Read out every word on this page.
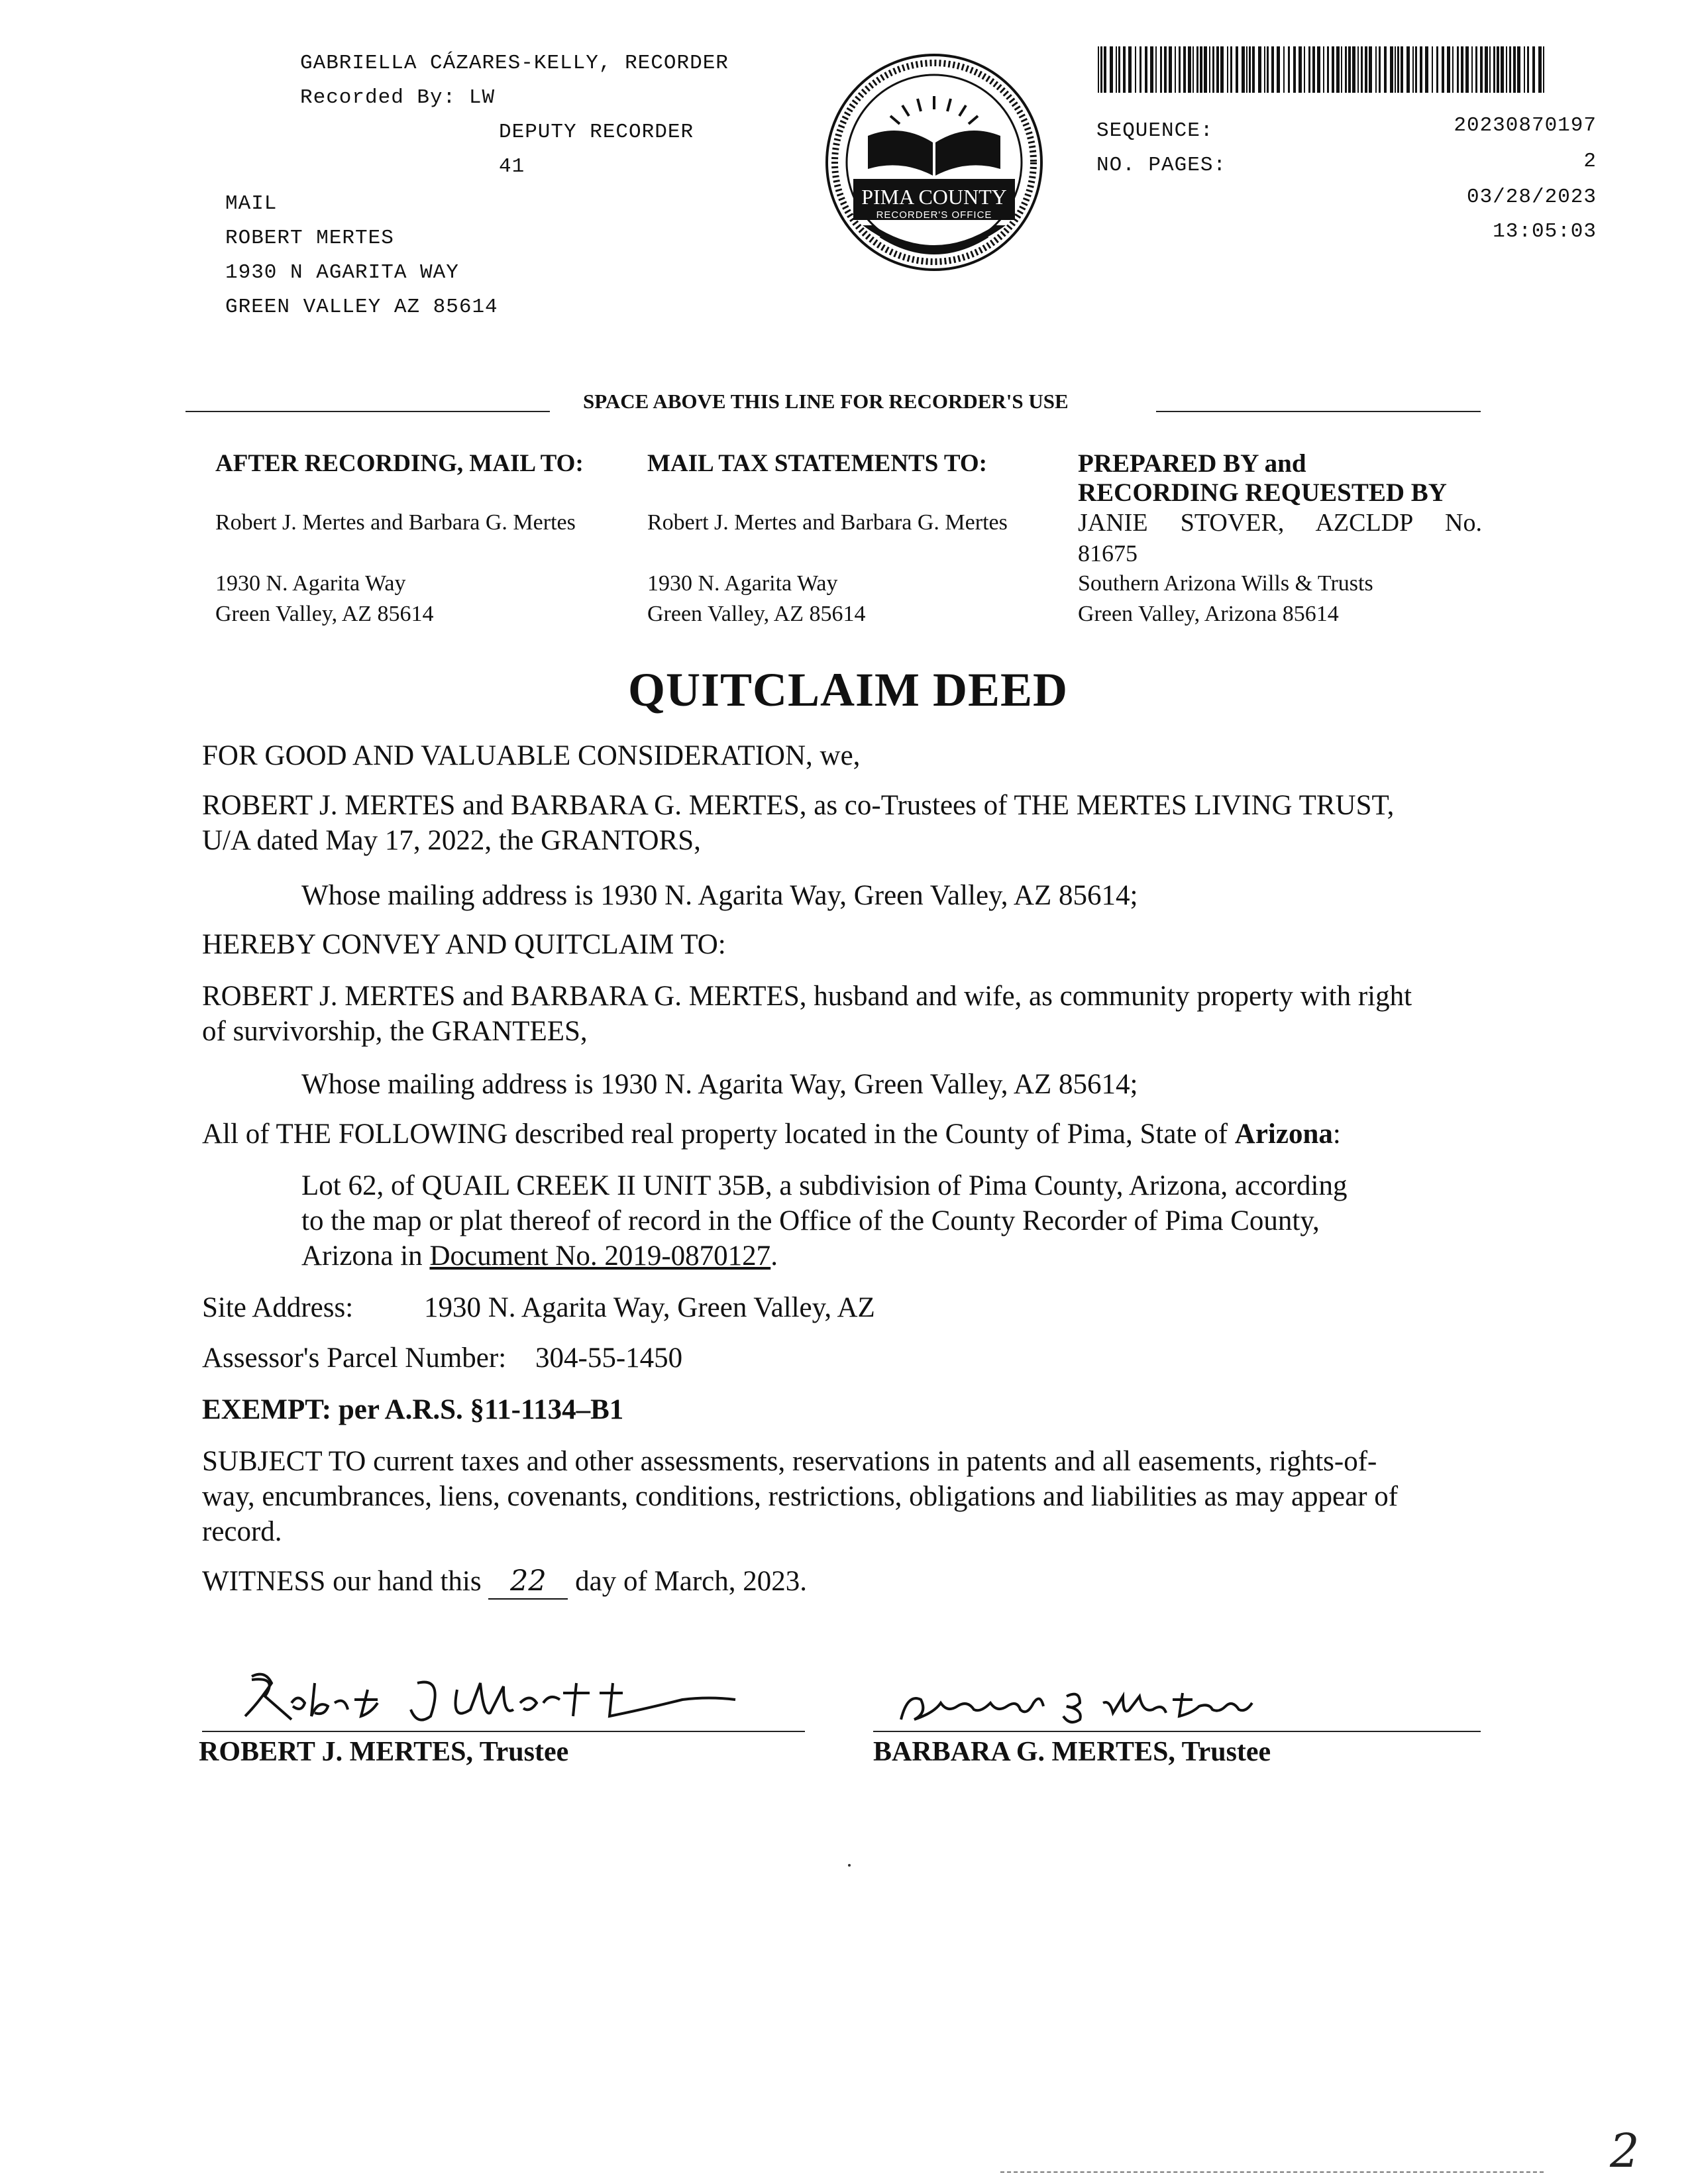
GABRIELLA CÁZARES-KELLY, RECORDER
Recorded By: LW
DEPUTY RECORDER
41
MAIL
ROBERT MERTES
1930 N AGARITA WAY
GREEN VALLEY AZ 85614
PIMA COUNTY
RECORDER'S OFFICE
SEQUENCE:	20230870197
NO. PAGES:	2
03/28/2023
13:05:03
SPACE ABOVE THIS LINE FOR RECORDER'S USE

AFTER RECORDING, MAIL TO:

Robert J. Mertes and Barbara G. Mertes

1930 N. Agarita Way

Green Valley, AZ 85614

MAIL TAX STATEMENTS TO:

Robert J. Mertes and Barbara G. Mertes

1930 N. Agarita Way

Green Valley, AZ 85614

PREPARED BY and

RECORDING REQUESTED BY

JANIE STOVER, AZCLDP No.

81675

Southern Arizona Wills & Trusts

Green Valley, Arizona 85614

QUITCLAIM DEED
FOR GOOD AND VALUABLE CONSIDERATION, we,
ROBERT J. MERTES and BARBARA G. MERTES, as co-Trustees of THE MERTES LIVING TRUST,
U/A dated May 17, 2022, the GRANTORS,
Whose mailing address is 1930 N. Agarita Way, Green Valley, AZ 85614;
HEREBY CONVEY AND QUITCLAIM TO:
ROBERT J. MERTES and BARBARA G. MERTES, husband and wife, as community property with right
of survivorship, the GRANTEES,
Whose mailing address is 1930 N. Agarita Way, Green Valley, AZ 85614;
All of THE FOLLOWING described real property located in the County of Pima, State of Arizona:
Lot 62, of QUAIL CREEK II UNIT 35B, a subdivision of Pima County, Arizona, according
to the map or plat thereof of record in the Office of the County Recorder of Pima County,
Arizona in Document No. 2019-0870127.
Site Address: 1930 N. Agarita Way, Green Valley, AZ
Assessor's Parcel Number: 304-55-1450
EXEMPT: per A.R.S. §11-1134–B1
SUBJECT TO current taxes and other assessments, reservations in patents and all easements, rights-of-
way, encumbrances, liens, covenants, conditions, restrictions, obligations and liabilities as may appear of
record.
WITNESS our hand this 22 day of March, 2023.
ROBERT J. MERTES, Trustee	BARBARA G. MERTES, Trustee
2
